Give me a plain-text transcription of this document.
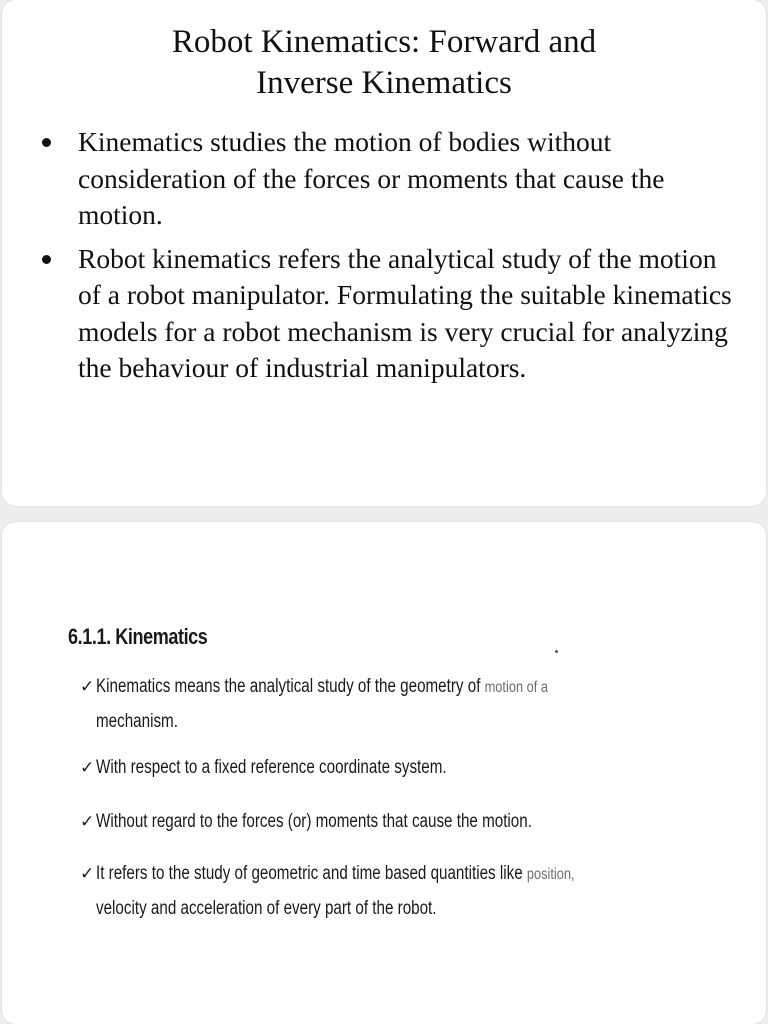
Robot Kinematics: Forward and
Inverse Kinematics
Kinematics studies the motion of bodies without consideration of the forces or moments that cause the motion.
Robot kinematics refers the analytical study of the motion of a robot manipulator. Formulating the suitable kinematics models for a robot mechanism is very crucial for analyzing the behaviour of industrial manipulators.
6.1.1. Kinematics
✓ Kinematics means the analytical study of the geometry of motion of a
mechanism.
✓ With respect to a fixed reference coordinate system.
✓ Without regard to the forces (or) moments that cause the motion.
✓ It refers to the study of geometric and time based quantities like position,
velocity and acceleration of every part of the robot.
